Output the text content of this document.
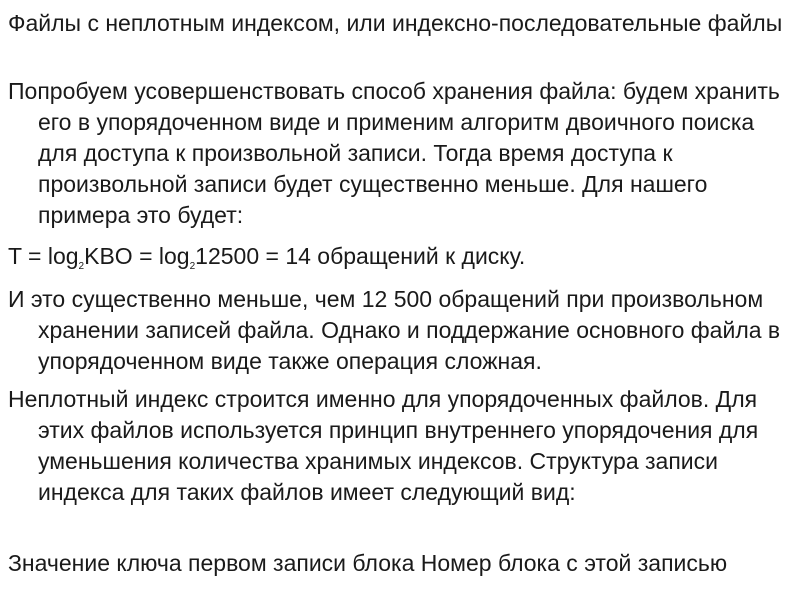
Файлы с неплотным индексом, или индексно-последовательные файлы

Попробуем усовершенствовать способ хранения файла: будем хранить его в упорядоченном виде и применим алгоритм двоичного поиска для доступа к произвольной записи. Тогда время доступа к произвольной записи будет существенно меньше. Для нашего примера это будет:

$T = \log_2KBO = \log_212500 = 14$ обращений к диску.

И это существенно меньше, чем 12 500 обращений при произвольном хранении записей файла. Однако и поддержание основного файла в упорядоченном виде также операция сложная.

Неплотный индекс строится именно для упорядоченных файлов. Для этих файлов используется принцип внутреннего упорядочения для уменьшения количества хранимых индексов. Структура записи индекса для таких файлов имеет следующий вид:

Значение ключа первом записи блока Номер блока с этой записью
